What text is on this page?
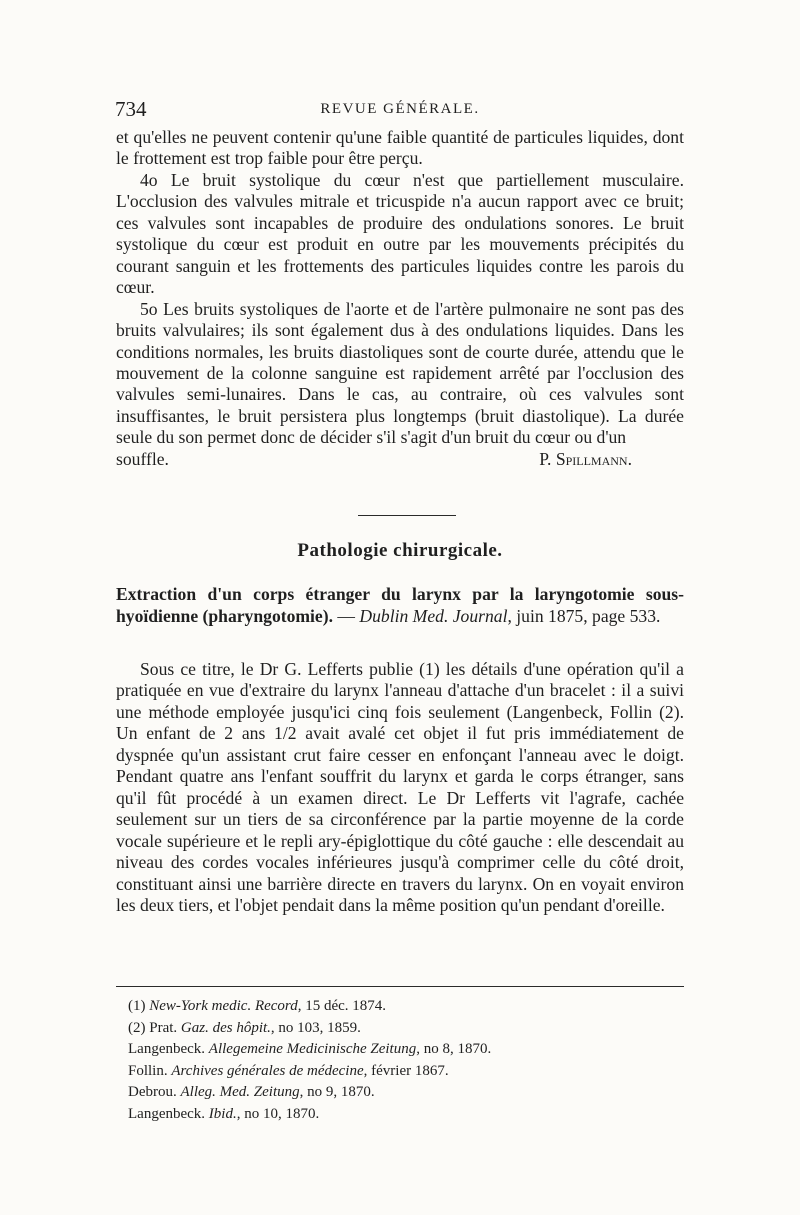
734	REVUE GÉNÉRALE.

et qu'elles ne peuvent contenir qu'une faible quantité de particules liquides, dont le frottement est trop faible pour être perçu.

4o Le bruit systolique du cœur n'est que partiellement musculaire. L'occlusion des valvules mitrale et tricuspide n'a aucun rapport avec ce bruit; ces valvules sont incapables de produire des ondulations sonores. Le bruit systolique du cœur est produit en outre par les mouvements précipités du courant sanguin et les frottements des particules liquides contre les parois du cœur.

5o Les bruits systoliques de l'aorte et de l'artère pulmonaire ne sont pas des bruits valvulaires; ils sont également dus à des ondulations liquides. Dans les conditions normales, les bruits diastoliques sont de courte durée, attendu que le mouvement de la colonne sanguine est rapidement arrêté par l'occlusion des valvules semi-lunaires. Dans le cas, au contraire, où ces valvules sont insuffisantes, le bruit persistera plus longtemps (bruit diastolique). La durée seule du son permet donc de décider s'il s'agit d'un bruit du cœur ou d'un

souffle.	P. Spillmann.
Pathologie chirurgicale.

Extraction d'un corps étranger du larynx par la laryngotomie sous-hyoïdienne (pharyngotomie). — Dublin Med. Journal, juin 1875, page 533.

Sous ce titre, le Dr G. Lefferts publie (1) les détails d'une opération qu'il a pratiquée en vue d'extraire du larynx l'anneau d'attache d'un bracelet : il a suivi une méthode employée jusqu'ici cinq fois seulement (Langenbeck, Follin (2). Un enfant de 2 ans 1/2 avait avalé cet objet il fut pris immédiatement de dyspnée qu'un assistant crut faire cesser en enfonçant l'anneau avec le doigt. Pendant quatre ans l'enfant souffrit du larynx et garda le corps étranger, sans qu'il fût procédé à un examen direct. Le Dr Lefferts vit l'agrafe, cachée seulement sur un tiers de sa circonférence par la partie moyenne de la corde vocale supérieure et le repli ary-épiglottique du côté gauche : elle descendait au niveau des cordes vocales inférieures jusqu'à comprimer celle du côté droit, constituant ainsi une barrière directe en travers du larynx. On en voyait environ les deux tiers, et l'objet pendait dans la même position qu'un pendant d'oreille.

(1) New-York medic. Record, 15 déc. 1874.
(2) Prat. Gaz. des hôpit., no 103, 1859.
Langenbeck. Allegemeine Medicinische Zeitung, no 8, 1870.
Follin. Archives générales de médecine, février 1867.
Debrou. Alleg. Med. Zeitung, no 9, 1870.
Langenbeck. Ibid., no 10, 1870.
